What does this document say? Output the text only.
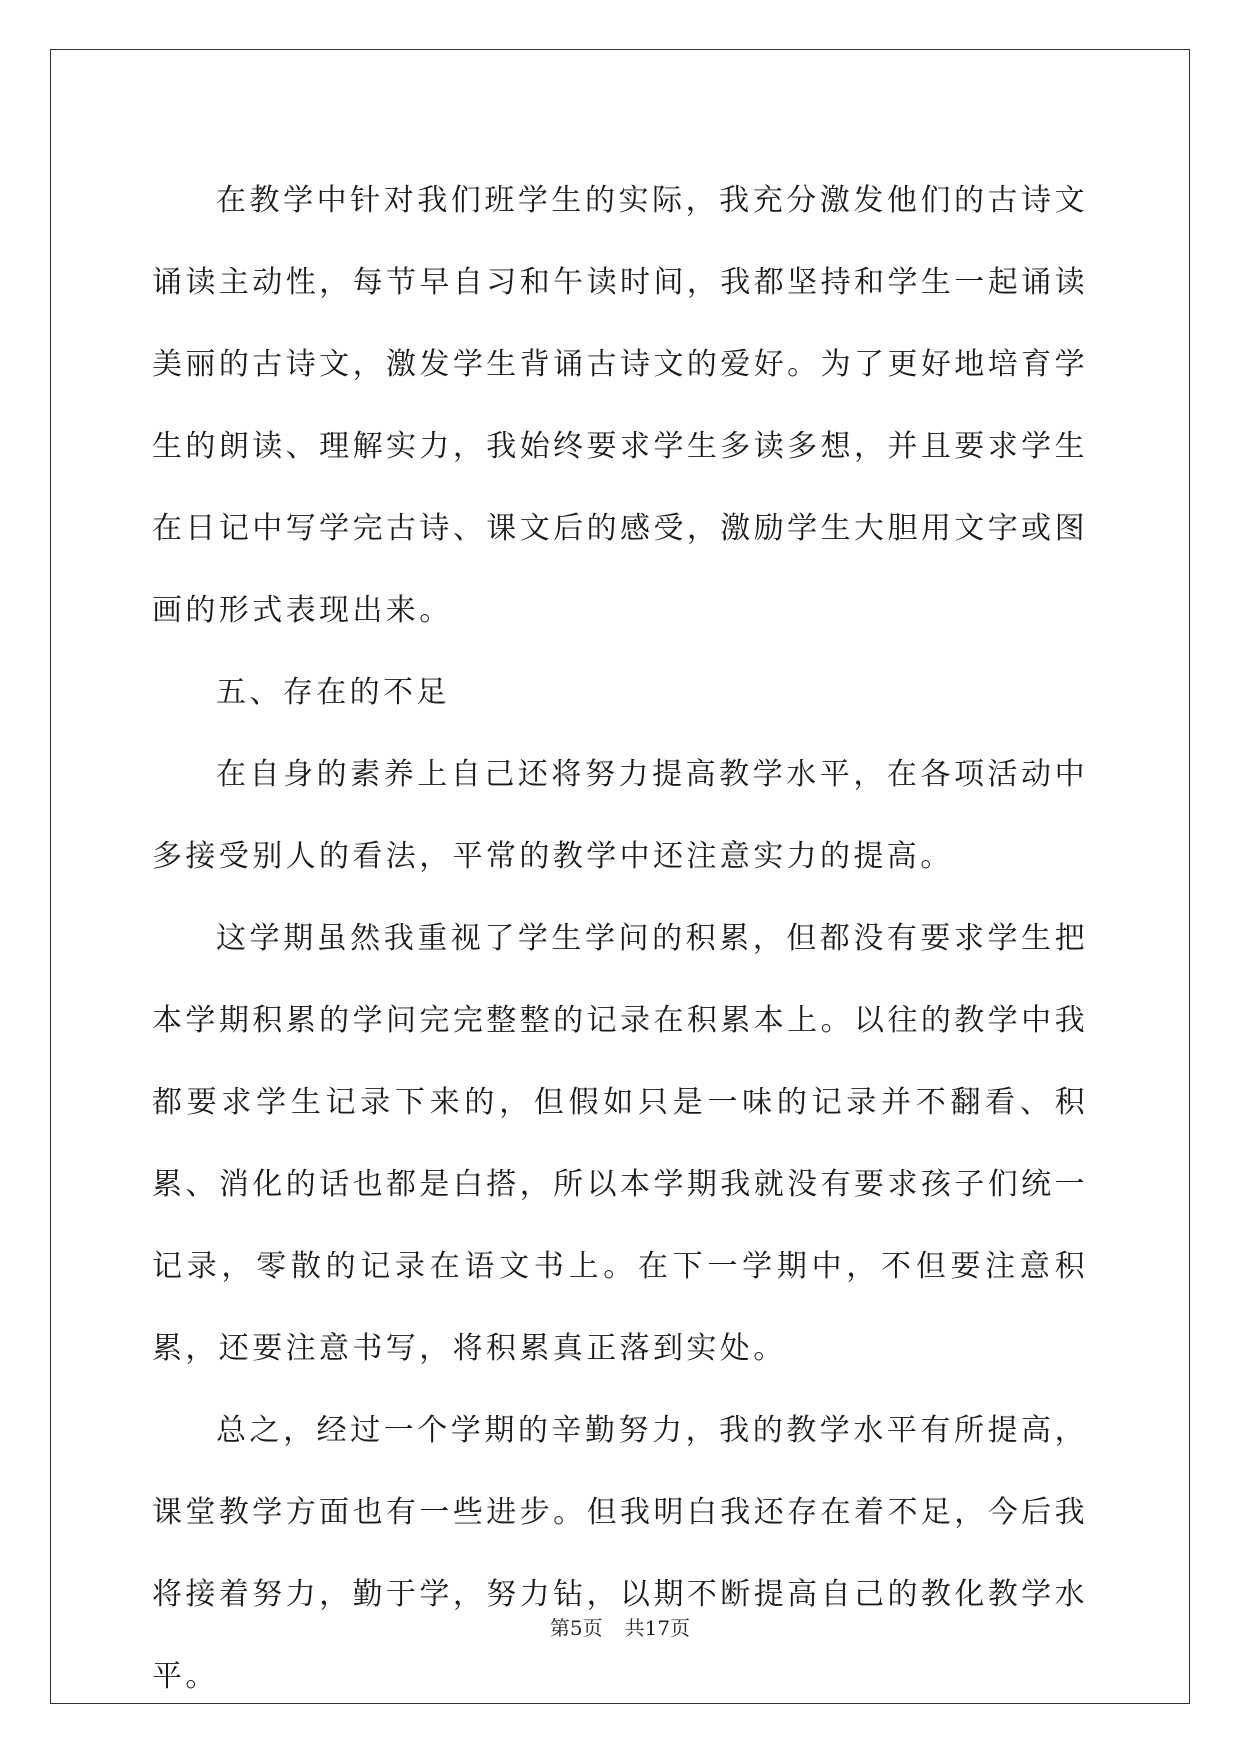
在教学中针对我们班学生的实际，我充分激发他们的古诗文诵读主动性，每节早自习和午读时间，我都坚持和学生一起诵读美丽的古诗文，激发学生背诵古诗文的爱好。为了更好地培育学生的朗读、理解实力，我始终要求学生多读多想，并且要求学生在日记中写学完古诗、课文后的感受，激励学生大胆用文字或图画的形式表现出来。

五、存在的不足

在自身的素养上自己还将努力提高教学水平，在各项活动中多接受别人的看法，平常的教学中还注意实力的提高。

这学期虽然我重视了学生学问的积累，但都没有要求学生把本学期积累的学问完完整整的记录在积累本上。以往的教学中我都要求学生记录下来的，但假如只是一味的记录并不翻看、积累、消化的话也都是白搭，所以本学期我就没有要求孩子们统一记录，零散的记录在语文书上。在下一学期中，不但要注意积累，还要注意书写，将积累真正落到实处。

总之，经过一个学期的辛勤努力，我的教学水平有所提高，课堂教学方面也有一些进步。但我明白我还存在着不足，今后我将接着努力，勤于学，努力钻，以期不断提高自己的教化教学水平。

第5页 共17页
